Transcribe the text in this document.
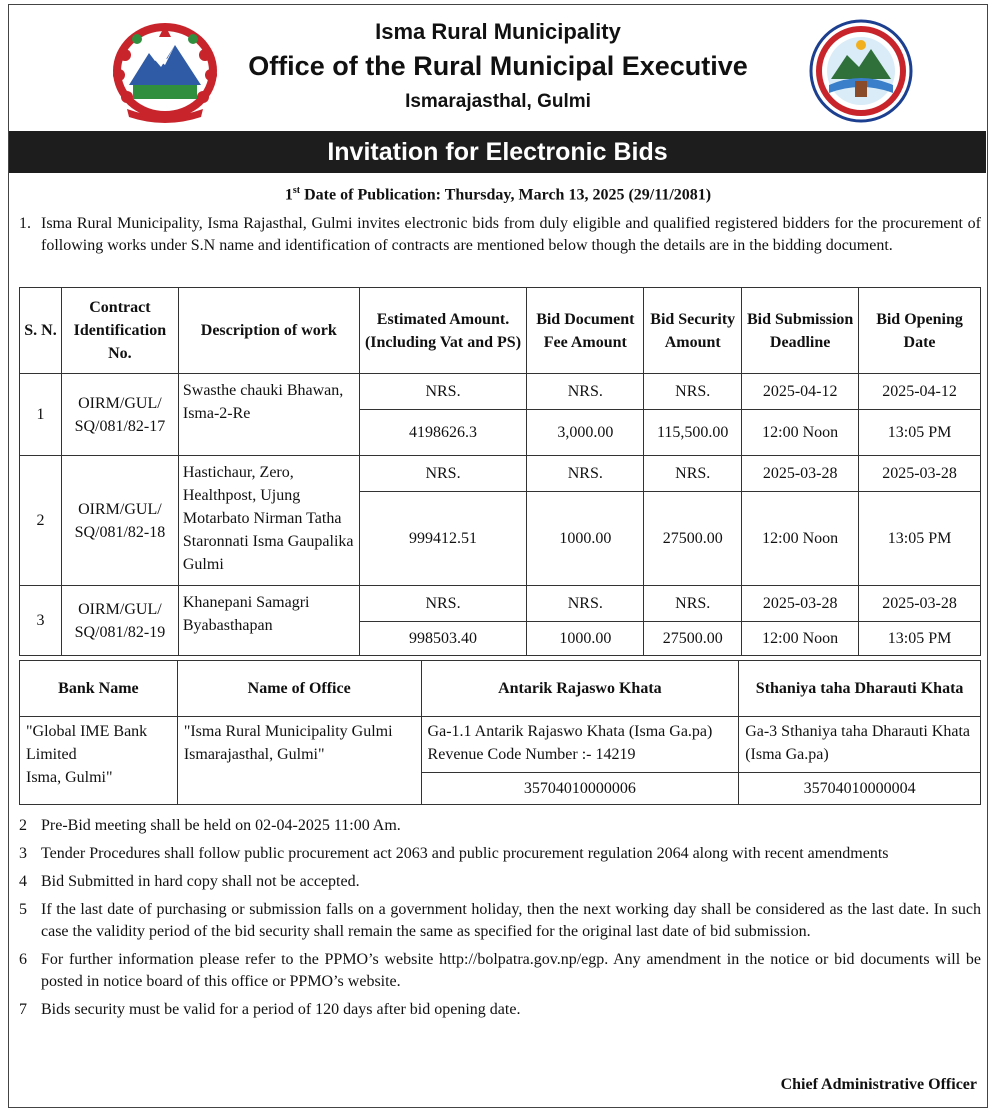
Isma Rural Municipality
Office of the Rural Municipal Executive
Ismarajasthal, Gulmi
Invitation for Electronic Bids
1st Date of Publication: Thursday, March 13, 2025 (29/11/2081)
1. Isma Rural Municipality, Isma Rajasthal, Gulmi invites electronic bids from duly eligible and qualified registered bidders for the procurement of following works under S.N name and identification of contracts are mentioned below though the details are in the bidding document.
S. N.	Contract Identification No.	Description of work	Estimated Amount. (Including Vat and PS)	Bid Document Fee Amount	Bid Security Amount	Bid Submission Deadline	Bid Opening Date
1	OIRM/GUL/
SQ/081/82-17	Swasthe chauki Bhawan, Isma-2-Re	NRS.	NRS.	NRS.	2025-04-12	2025-04-12
			4198626.3	3,000.00	115,500.00	12:00 Noon	13:05 PM
2	OIRM/GUL/
SQ/081/82-18	Hastichaur, Zero, Healthpost, Ujung Motarbato Nirman Tatha Staronnati Isma Gaupalika Gulmi	NRS.	NRS.	NRS.	2025-03-28	2025-03-28
			999412.51	1000.00	27500.00	12:00 Noon	13:05 PM
3	OIRM/GUL/
SQ/081/82-19	Khanepani Samagri Byabasthapan	NRS.	NRS.	NRS.	2025-03-28	2025-03-28
			998503.40	1000.00	27500.00	12:00 Noon	13:05 PM
Bank Name	Name of Office	Antarik Rajaswo Khata	Sthaniya taha Dharauti Khata
"Global IME Bank Limited
Isma, Gulmi"	"Isma Rural Municipality Gulmi
Ismarajasthal, Gulmi"	Ga-1.1 Antarik Rajaswo Khata (Isma Ga.pa) Revenue Code Number :- 14219	Ga-3 Sthaniya taha Dharauti Khata (Isma Ga.pa)
		35704010000006	35704010000004
2 Pre-Bid meeting shall be held on 02-04-2025 11:00 Am.
3 Tender Procedures shall follow public procurement act 2063 and public procurement regulation 2064 along with recent amendments
4 Bid Submitted in hard copy shall not be accepted.
5 If the last date of purchasing or submission falls on a government holiday, then the next working day shall be considered as the last date. In such case the validity period of the bid security shall remain the same as specified for the original last date of bid submission.
6 For further information please refer to the PPMO’s website http://bolpatra.gov.np/egp. Any amendment in the notice or bid documents will be posted in notice board of this office or PPMO’s website.
7 Bids security must be valid for a period of 120 days after bid opening date.
Chief Administrative Officer
